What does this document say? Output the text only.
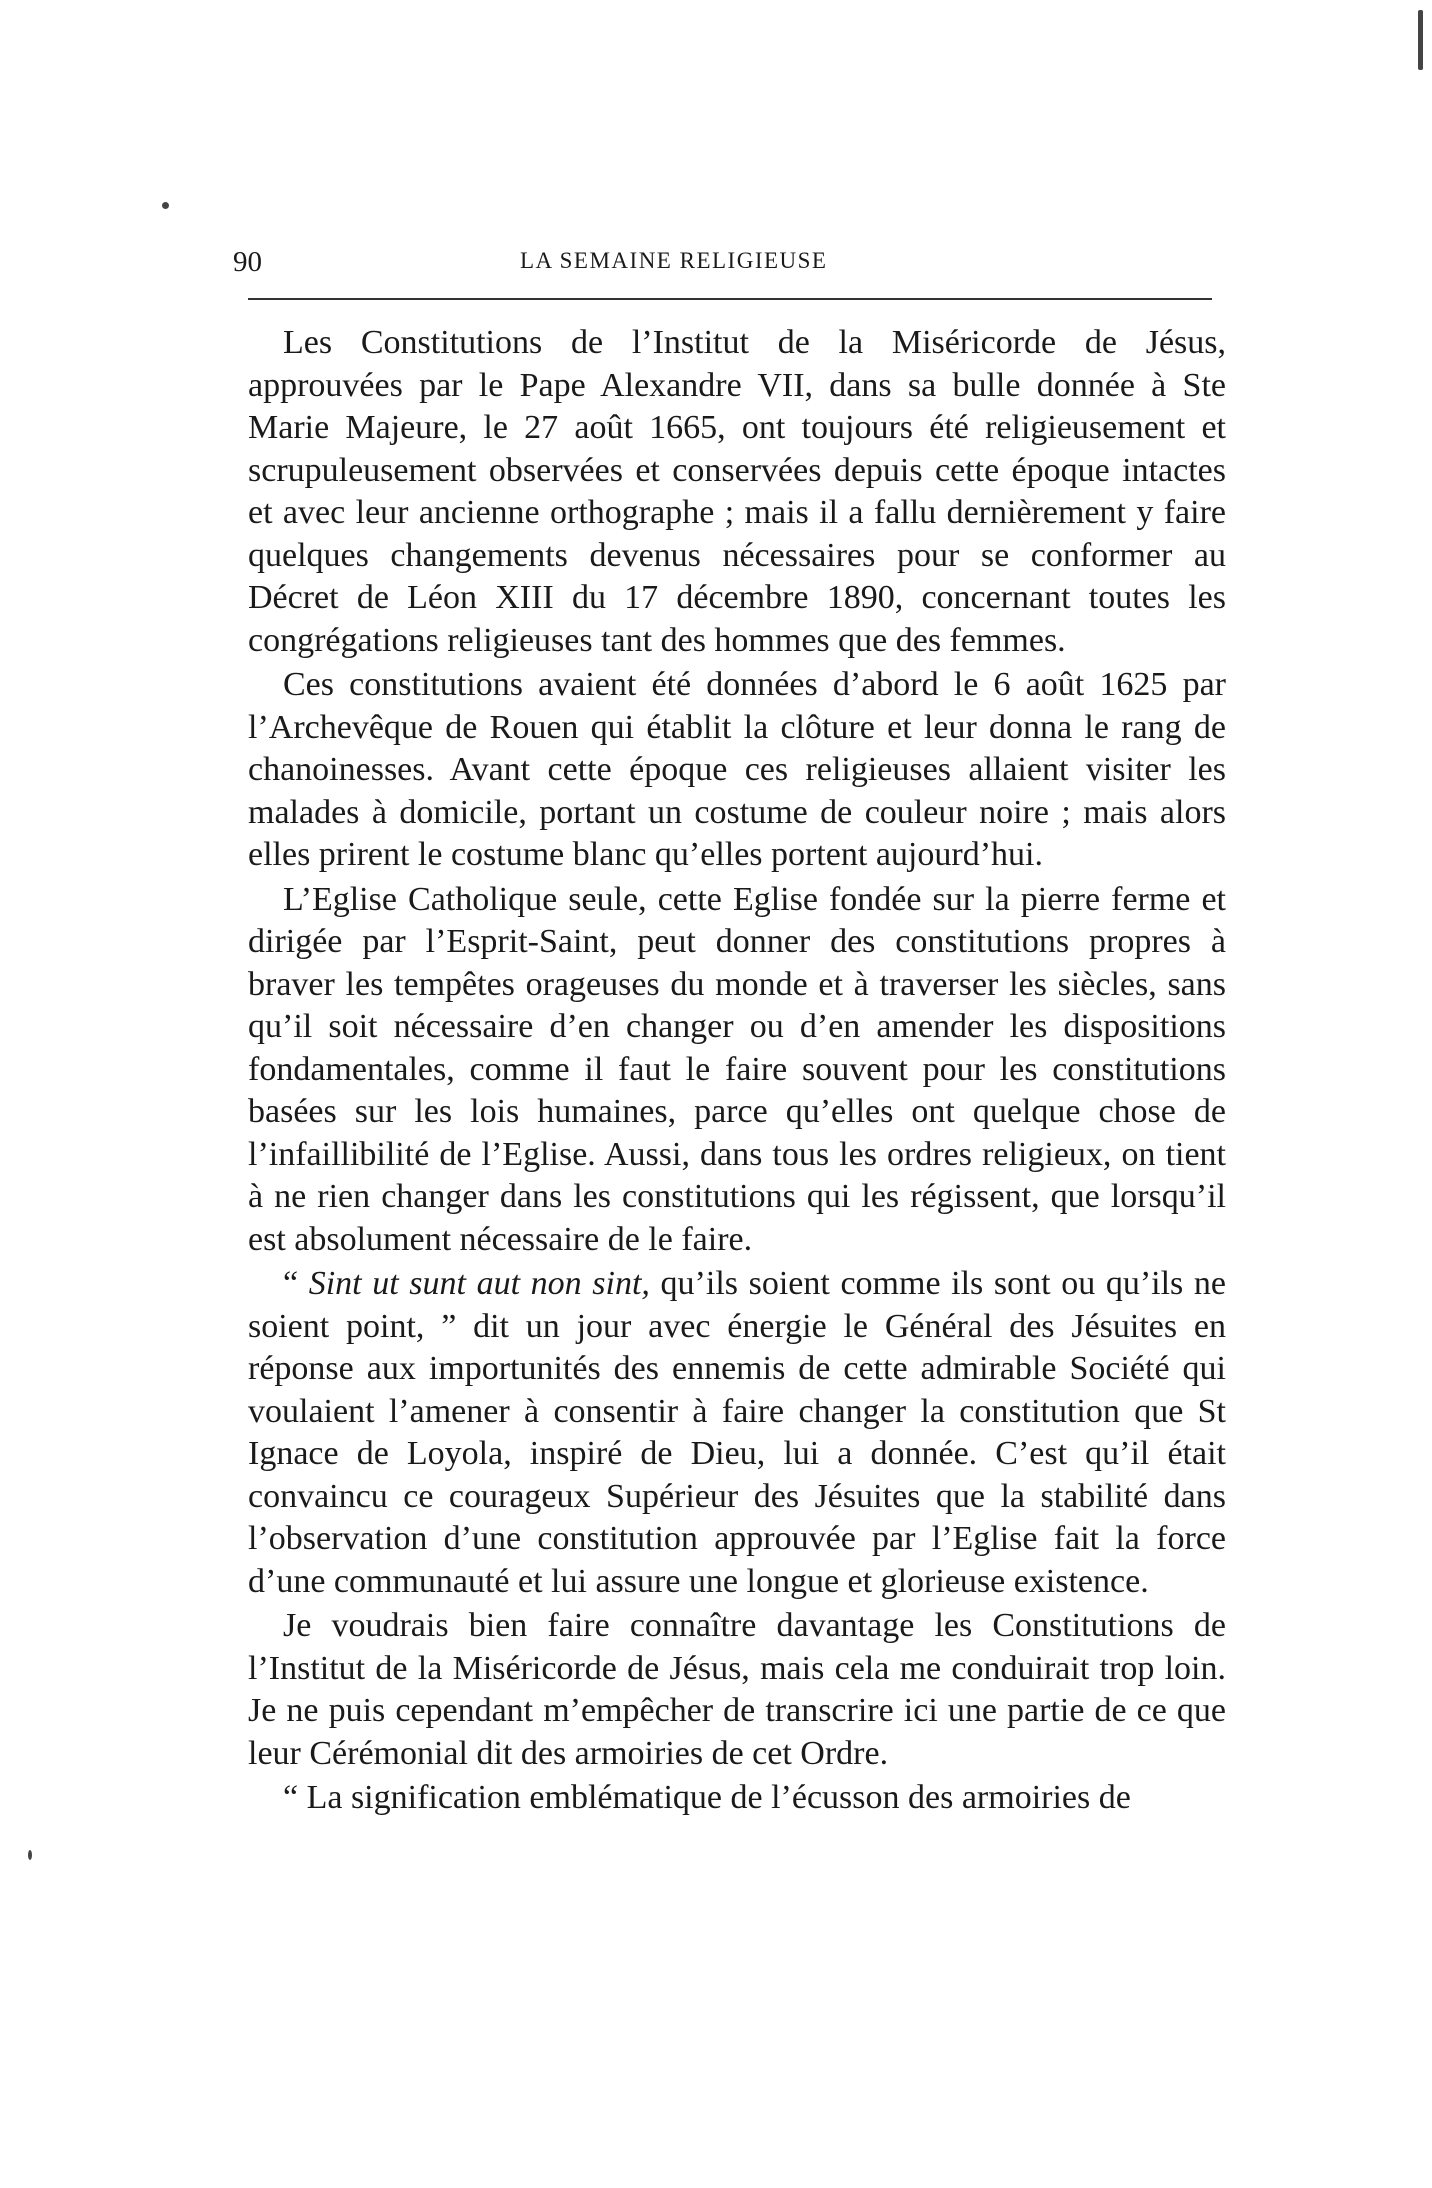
90	LA SEMAINE RELIGIEUSE

Les Constitutions de l’Institut de la Miséricorde de Jésus, approuvées par le Pape Alexandre VII, dans sa bulle donnée à Ste Marie Majeure, le 27 août 1665, ont toujours été religieusement et scrupuleusement observées et conservées depuis cette époque intactes et avec leur ancienne orthographe ; mais il a fallu dernièrement y faire quelques changements devenus nécessaires pour se conformer au Décret de Léon XIII du 17 décembre 1890, concernant toutes les congrégations religieuses tant des hommes que des femmes.

Ces constitutions avaient été données d’abord le 6 août 1625 par l’Archevêque de Rouen qui établit la clôture et leur donna le rang de chanoinesses. Avant cette époque ces religieuses allaient visiter les malades à domicile, portant un costume de couleur noire ; mais alors elles prirent le costume blanc qu’elles portent aujourd’hui.

L’Eglise Catholique seule, cette Eglise fondée sur la pierre ferme et dirigée par l’Esprit-Saint, peut donner des constitutions propres à braver les tempêtes orageuses du monde et à traverser les siècles, sans qu’il soit nécessaire d’en changer ou d’en amender les dispositions fondamentales, comme il faut le faire souvent pour les constitutions basées sur les lois humaines, parce qu’elles ont quelque chose de l’infaillibilité de l’Eglise. Aussi, dans tous les ordres religieux, on tient à ne rien changer dans les constitutions qui les régissent, que lorsqu’il est absolument nécessaire de le faire.

“ Sint ut sunt aut non sint, qu’ils soient comme ils sont ou qu’ils ne soient point, ” dit un jour avec énergie le Général des Jésuites en réponse aux importunités des ennemis de cette admirable Société qui voulaient l’amener à consentir à faire changer la constitution que St Ignace de Loyola, inspiré de Dieu, lui a donnée. C’est qu’il était convaincu ce courageux Supérieur des Jésuites que la stabilité dans l’observation d’une constitution approuvée par l’Eglise fait la force d’une communauté et lui assure une longue et glorieuse existence.

Je voudrais bien faire connaître davantage les Constitutions de l’Institut de la Miséricorde de Jésus, mais cela me conduirait trop loin. Je ne puis cependant m’empêcher de transcrire ici une partie de ce que leur Cérémonial dit des armoiries de cet Ordre.

“ La signification emblématique de l’écusson des armoiries de
